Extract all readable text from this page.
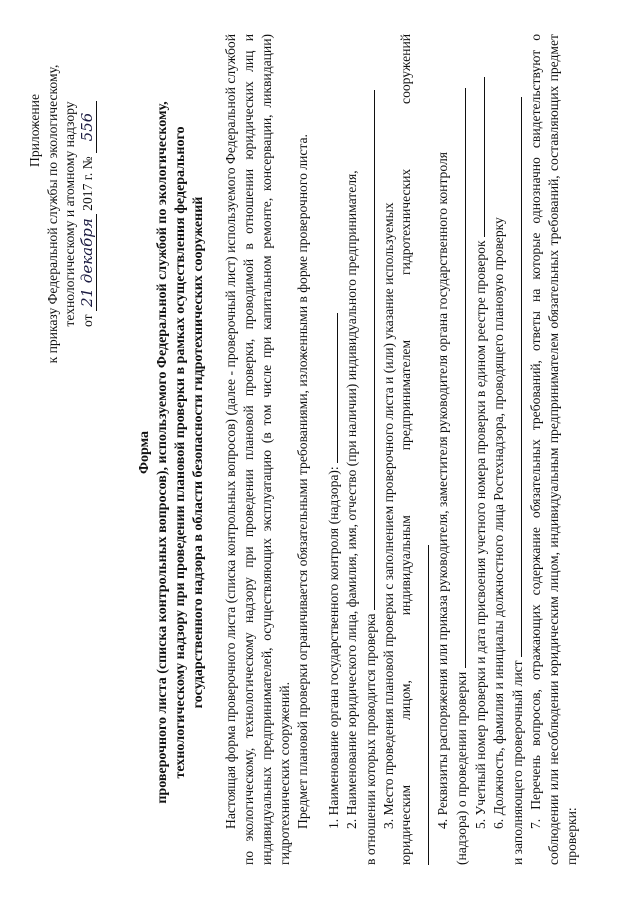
Приложение к приказу Федеральной службы по экологическому, технологическому и атомному надзору от 21 декабря 2017 г. № 556
Форма проверочного листа (списка контрольных вопросов), используемого Федеральной службой по экологическому, технологическому надзору при проведении плановой проверки в рамках осуществления федерального государственного надзора в области безопасности гидротехнических сооружений Настоящая форма проверочного листа (списка контрольных вопросов) (далее - проверочный лист) используемого Федеральной службой по экологическому, технологическому надзору при проведении плановой проверки, проводимой в отношении юридических лиц и индивидуальных предпринимателей, осуществляющих эксплуатацию (в том числе при капитальном ремонте, консервации, ликвидации) гидротехнических сооружений. Предмет плановой проверки ограничивается обязательными требованиями, изложенными в форме проверочного листа. 1. Наименование органа государственного контроля (надзора): 2. Наименование юридического лица, фамилия, имя, отчество (при наличии) индивидуального предпринимателя, в отношении которых проводится проверка 3. Место проведения плановой проверки с заполнением проверочного листа и (или) указание используемых юридическим лицом, индивидуальным предпринимателем гидротехнических сооружений	4. Реквизиты распоряжения или приказа руководителя, заместителя руководителя органа государственного контроля (надзора) о проведении проверки 5. Учетный номер проверки и дата присвоения учетного номера проверки в едином реестре проверок 6. Должность, фамилия и инициалы должностного лица Ростехнадзора, проводящего плановую проверку и заполняющего проверочный лист 7. Перечень вопросов, отражающих содержание обязательных требований, ответы на которые однозначно свидетельствуют о соблюдении или несоблюдении юридическим лицом, индивидуальным предпринимателем обязательных требований, составляющих предмет проверки:
